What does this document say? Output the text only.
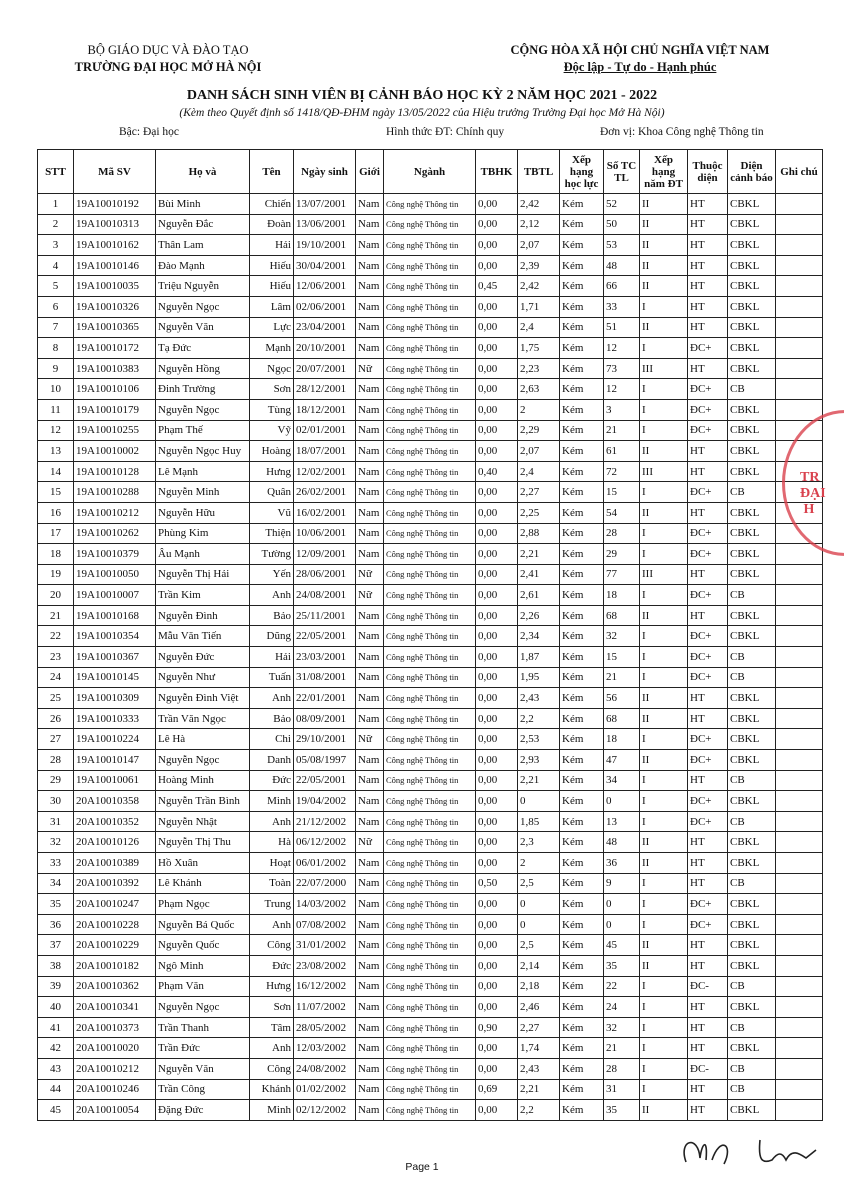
BỘ GIÁO DỤC VÀ ĐÀO TẠO
TRƯỜNG ĐẠI HỌC MỞ HÀ NỘI
CỘNG HÒA XÃ HỘI CHỦ NGHĨA VIỆT NAM
Độc lập - Tự do - Hạnh phúc
DANH SÁCH SINH VIÊN BỊ CẢNH BÁO HỌC KỲ 2 NĂM HỌC 2021 - 2022
(Kèm theo Quyết định số 1418/QĐ-ĐHM ngày 13/05/2022 của Hiệu trưởng Trường Đại học Mở Hà Nội)
Bậc: Đại học	Hình thức ĐT: Chính quy	Đơn vị: Khoa Công nghệ Thông tin
STT	Mã SV	Họ và	Tên	Ngày sinh	Giới	Ngành	TBHK	TBTL	Xếp hạng học lực	Số TC TL	Xếp hạng năm ĐT	Thuộc diện	Diện cảnh báo	Ghi chú
1	19A10010192	Bùi Minh	Chiến	13/07/2001	Nam	Công nghệ Thông tin	0,00	2,42	Kém	52	II	HT	CBKL	
2	19A10010313	Nguyễn Đắc	Đoàn	13/06/2001	Nam	Công nghệ Thông tin	0,00	2,12	Kém	50	II	HT	CBKL	
3	19A10010162	Thân Lam	Hải	19/10/2001	Nam	Công nghệ Thông tin	0,00	2,07	Kém	53	II	HT	CBKL	
4	19A10010146	Đào Mạnh	Hiếu	30/04/2001	Nam	Công nghệ Thông tin	0,00	2,39	Kém	48	II	HT	CBKL	
5	19A10010035	Triệu Nguyễn	Hiếu	12/06/2001	Nam	Công nghệ Thông tin	0,45	2,42	Kém	66	II	HT	CBKL	
6	19A10010326	Nguyễn Ngọc	Lâm	02/06/2001	Nam	Công nghệ Thông tin	0,00	1,71	Kém	33	I	HT	CBKL	
7	19A10010365	Nguyễn Văn	Lực	23/04/2001	Nam	Công nghệ Thông tin	0,00	2,4	Kém	51	II	HT	CBKL	
8	19A10010172	Tạ Đức	Mạnh	20/10/2001	Nam	Công nghệ Thông tin	0,00	1,75	Kém	12	I	ĐC+	CBKL	
9	19A10010383	Nguyễn Hồng	Ngọc	20/07/2001	Nữ	Công nghệ Thông tin	0,00	2,23	Kém	73	III	HT	CBKL	
10	19A10010106	Đinh Trường	Sơn	28/12/2001	Nam	Công nghệ Thông tin	0,00	2,63	Kém	12	I	ĐC+	CB	
11	19A10010179	Nguyễn Ngọc	Tùng	18/12/2001	Nam	Công nghệ Thông tin	0,00	2	Kém	3	I	ĐC+	CBKL	
12	19A10010255	Phạm Thế	Vỹ	02/01/2001	Nam	Công nghệ Thông tin	0,00	2,29	Kém	21	I	ĐC+	CBKL	
13	19A10010002	Nguyễn Ngọc Huy	Hoàng	18/07/2001	Nam	Công nghệ Thông tin	0,00	2,07	Kém	61	II	HT	CBKL	
14	19A10010128	Lê Mạnh	Hưng	12/02/2001	Nam	Công nghệ Thông tin	0,40	2,4	Kém	72	III	HT	CBKL	
15	19A10010288	Nguyễn Minh	Quân	26/02/2001	Nam	Công nghệ Thông tin	0,00	2,27	Kém	15	I	ĐC+	CB	
16	19A10010212	Nguyễn Hữu	Vũ	16/02/2001	Nam	Công nghệ Thông tin	0,00	2,25	Kém	54	II	HT	CBKL	
17	19A10010262	Phùng Kim	Thiện	10/06/2001	Nam	Công nghệ Thông tin	0,00	2,88	Kém	28	I	ĐC+	CBKL	
18	19A10010379	Âu Mạnh	Tường	12/09/2001	Nam	Công nghệ Thông tin	0,00	2,21	Kém	29	I	ĐC+	CBKL	
19	19A10010050	Nguyễn Thị Hải	Yến	28/06/2001	Nữ	Công nghệ Thông tin	0,00	2,41	Kém	77	III	HT	CBKL	
20	19A10010007	Trần Kim	Anh	24/08/2001	Nữ	Công nghệ Thông tin	0,00	2,61	Kém	18	I	ĐC+	CB	
21	19A10010168	Nguyễn Đình	Bảo	25/11/2001	Nam	Công nghệ Thông tin	0,00	2,26	Kém	68	II	HT	CBKL	
22	19A10010354	Mẫu Văn Tiến	Dũng	22/05/2001	Nam	Công nghệ Thông tin	0,00	2,34	Kém	32	I	ĐC+	CBKL	
23	19A10010367	Nguyễn Đức	Hải	23/03/2001	Nam	Công nghệ Thông tin	0,00	1,87	Kém	15	I	ĐC+	CB	
24	19A10010145	Nguyễn Như	Tuấn	31/08/2001	Nam	Công nghệ Thông tin	0,00	1,95	Kém	21	I	ĐC+	CB	
25	19A10010309	Nguyễn Đình Việt	Anh	22/01/2001	Nam	Công nghệ Thông tin	0,00	2,43	Kém	56	II	HT	CBKL	
26	19A10010333	Trần Văn Ngọc	Bảo	08/09/2001	Nam	Công nghệ Thông tin	0,00	2,2	Kém	68	II	HT	CBKL	
27	19A10010224	Lê Hà	Chi	29/10/2001	Nữ	Công nghệ Thông tin	0,00	2,53	Kém	18	I	ĐC+	CBKL	
28	19A10010147	Nguyễn Ngọc	Danh	05/08/1997	Nam	Công nghệ Thông tin	0,00	2,93	Kém	47	II	ĐC+	CBKL	
29	19A10010061	Hoàng Minh	Đức	22/05/2001	Nam	Công nghệ Thông tin	0,00	2,21	Kém	34	I	HT	CB	
30	20A10010358	Nguyễn Trần Bình	Minh	19/04/2002	Nam	Công nghệ Thông tin	0,00	0	Kém	0	I	ĐC+	CBKL	
31	20A10010352	Nguyễn Nhật	Anh	21/12/2002	Nam	Công nghệ Thông tin	0,00	1,85	Kém	13	I	ĐC+	CB	
32	20A10010126	Nguyễn Thị Thu	Hà	06/12/2002	Nữ	Công nghệ Thông tin	0,00	2,3	Kém	48	II	HT	CBKL	
33	20A10010389	Hồ Xuân	Hoạt	06/01/2002	Nam	Công nghệ Thông tin	0,00	2	Kém	36	II	HT	CBKL	
34	20A10010392	Lê Khánh	Toàn	22/07/2000	Nam	Công nghệ Thông tin	0,50	2,5	Kém	9	I	HT	CB	
35	20A10010247	Phạm Ngọc	Trung	14/03/2002	Nam	Công nghệ Thông tin	0,00	0	Kém	0	I	ĐC+	CBKL	
36	20A10010228	Nguyễn Bá Quốc	Anh	07/08/2002	Nam	Công nghệ Thông tin	0,00	0	Kém	0	I	ĐC+	CBKL	
37	20A10010229	Nguyễn Quốc	Công	31/01/2002	Nam	Công nghệ Thông tin	0,00	2,5	Kém	45	II	HT	CBKL	
38	20A10010182	Ngô Minh	Đức	23/08/2002	Nam	Công nghệ Thông tin	0,00	2,14	Kém	35	II	HT	CBKL	
39	20A10010362	Phạm Văn	Hưng	16/12/2002	Nam	Công nghệ Thông tin	0,00	2,18	Kém	22	I	ĐC-	CB	
40	20A10010341	Nguyễn Ngọc	Sơn	11/07/2002	Nam	Công nghệ Thông tin	0,00	2,46	Kém	24	I	HT	CBKL	
41	20A10010373	Trần Thanh	Tâm	28/05/2002	Nam	Công nghệ Thông tin	0,90	2,27	Kém	32	I	HT	CB	
42	20A10010020	Trần Đức	Anh	12/03/2002	Nam	Công nghệ Thông tin	0,00	1,74	Kém	21	I	HT	CBKL	
43	20A10010212	Nguyễn Văn	Công	24/08/2002	Nam	Công nghệ Thông tin	0,00	2,43	Kém	28	I	ĐC-	CB	
44	20A10010246	Trần Công	Khánh	01/02/2002	Nam	Công nghệ Thông tin	0,69	2,21	Kém	31	I	HT	CB	
45	20A10010054	Đặng Đức	Minh	02/12/2002	Nam	Công nghệ Thông tin	0,00	2,2	Kém	35	II	HT	CBKL	
TR
ĐẠI
H
Page 1
